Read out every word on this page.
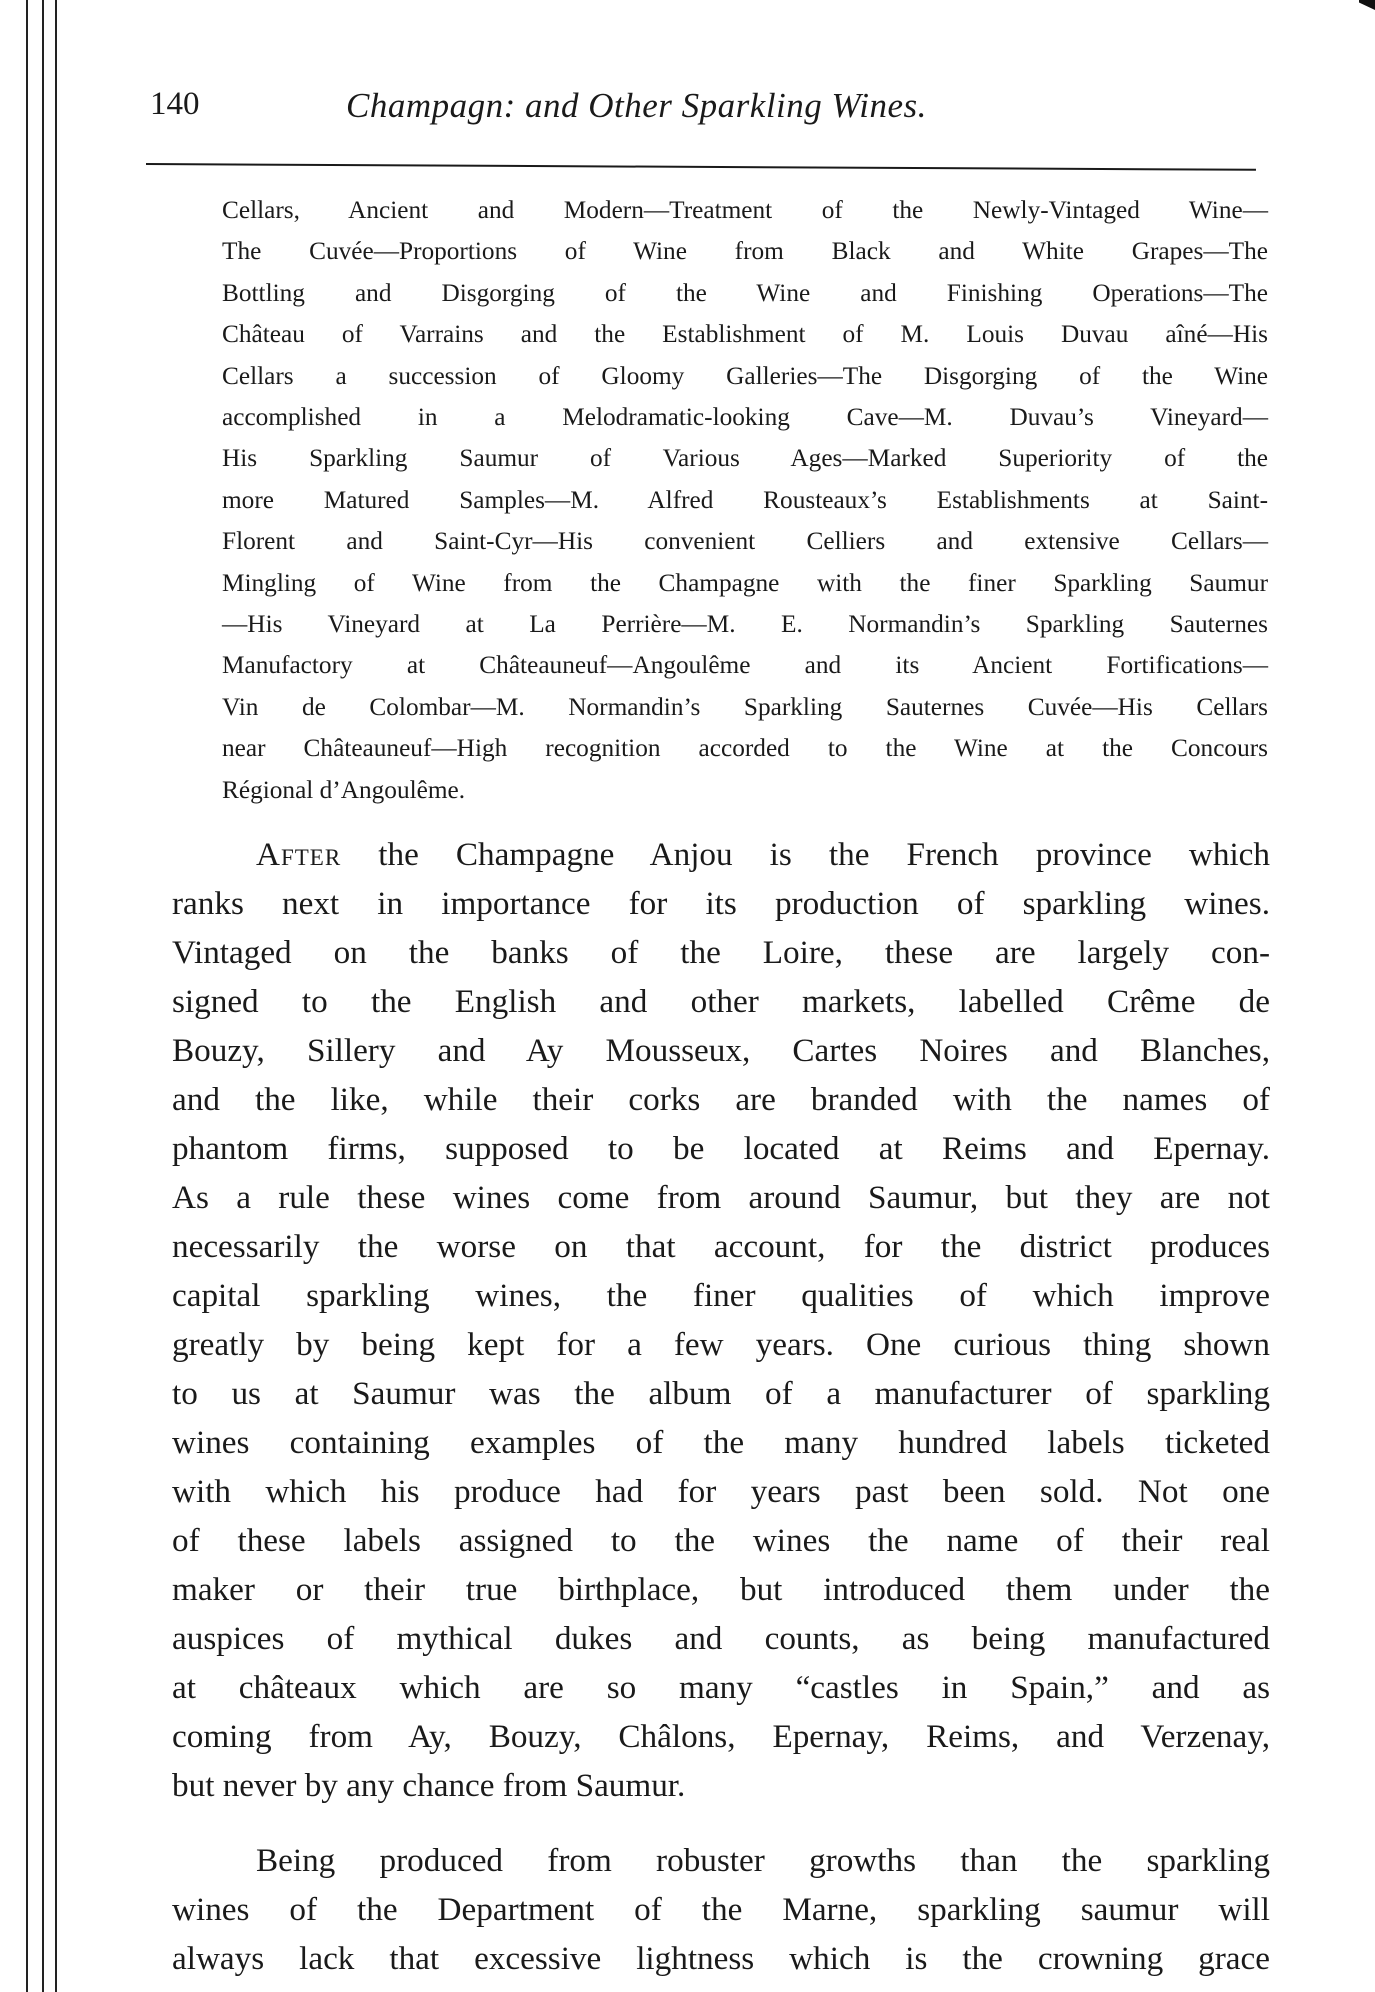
140	Champagn: and Other Sparkling Wines.
Cellars, Ancient and Modern—Treatment of the Newly-Vintaged Wine—
The Cuvée—Proportions of Wine from Black and White Grapes—The
Bottling and Disgorging of the Wine and Finishing Operations—The
Château of Varrains and the Establishment of M. Louis Duvau aîné—His
Cellars a succession of Gloomy Galleries—The Disgorging of the Wine
accomplished in a Melodramatic-looking Cave—M. Duvau’s Vineyard—
His Sparkling Saumur of Various Ages—Marked Superiority of the
more Matured Samples—M. Alfred Rousteaux’s Establishments at Saint-
Florent and Saint-Cyr—His convenient Celliers and extensive Cellars—
Mingling of Wine from the Champagne with the finer Sparkling Saumur
—His Vineyard at La Perrière—M. E. Normandin’s Sparkling Sauternes
Manufactory at Châteauneuf—Angoulême and its Ancient Fortifications—
Vin de Colombar—M. Normandin’s Sparkling Sauternes Cuvée—His Cellars
near Châteauneuf—High recognition accorded to the Wine at the Concours
Régional d’Angoulême.
After the Champagne Anjou is the French province which
ranks next in importance for its production of sparkling wines.
Vintaged on the banks of the Loire, these are largely con-
signed to the English and other markets, labelled Crême de
Bouzy, Sillery and Ay Mousseux, Cartes Noires and Blanches,
and the like, while their corks are branded with the names of
phantom firms, supposed to be located at Reims and Epernay.
As a rule these wines come from around Saumur, but they are not
necessarily the worse on that account, for the district produces
capital sparkling wines, the finer qualities of which improve
greatly by being kept for a few years. One curious thing shown
to us at Saumur was the album of a manufacturer of sparkling
wines containing examples of the many hundred labels ticketed
with which his produce had for years past been sold. Not one
of these labels assigned to the wines the name of their real
maker or their true birthplace, but introduced them under the
auspices of mythical dukes and counts, as being manufactured
at châteaux which are so many “castles in Spain,” and as
coming from Ay, Bouzy, Châlons, Epernay, Reims, and Verzenay,
but never by any chance from Saumur.
Being produced from robuster growths than the sparkling
wines of the Department of the Marne, sparkling saumur will
always lack that excessive lightness which is the crowning grace
